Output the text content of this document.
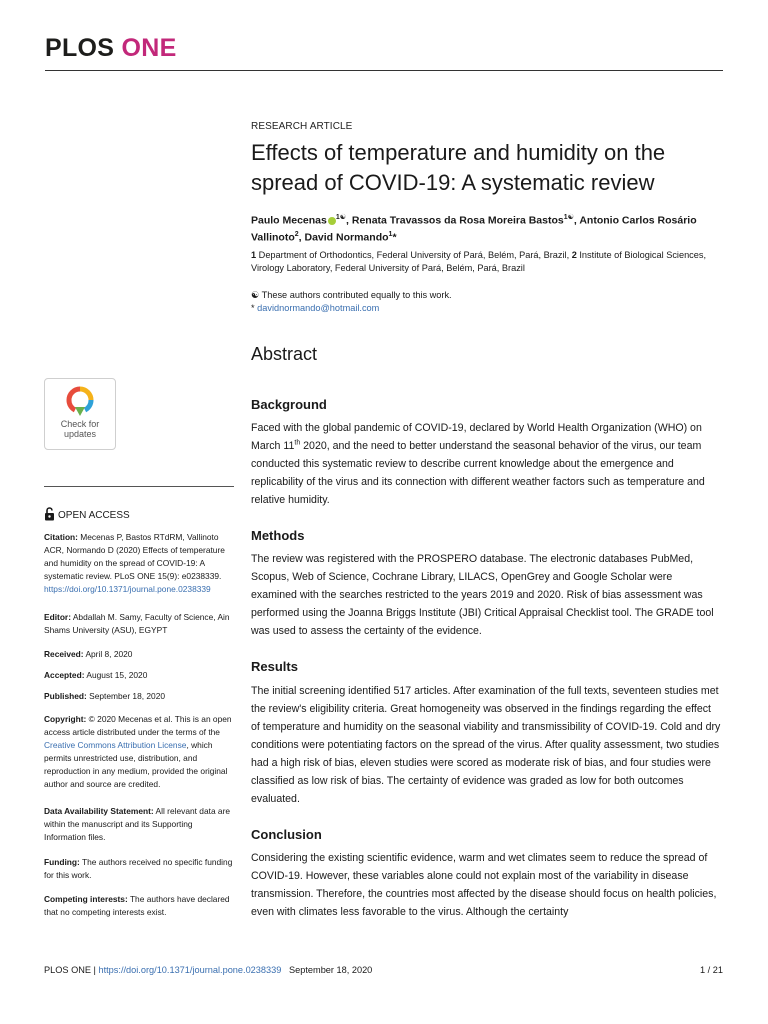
PLOS ONE
RESEARCH ARTICLE
Effects of temperature and humidity on the spread of COVID-19: A systematic review
Paulo Mecenas $^{1☯}$, Renata Travassos da Rosa Moreira Bastos$^{1☯}$, Antonio Carlos Rosário Vallinoto$^2$, David Normando$^1$*
1 Department of Orthodontics, Federal University of Pará, Belém, Pará, Brazil, 2 Institute of Biological Sciences, Virology Laboratory, Federal University of Pará, Belém, Pará, Brazil
☯ These authors contributed equally to this work.
* davidnormando@hotmail.com
Abstract
Background
Faced with the global pandemic of COVID-19, declared by World Health Organization (WHO) on March 11th 2020, and the need to better understand the seasonal behavior of the virus, our team conducted this systematic review to describe current knowledge about the emergence and replicability of the virus and its connection with different weather factors such as temperature and relative humidity.
Methods
The review was registered with the PROSPERO database. The electronic databases PubMed, Scopus, Web of Science, Cochrane Library, LILACS, OpenGrey and Google Scholar were examined with the searches restricted to the years 2019 and 2020. Risk of bias assessment was performed using the Joanna Briggs Institute (JBI) Critical Appraisal Checklist tool. The GRADE tool was used to assess the certainty of the evidence.
Results
The initial screening identified 517 articles. After examination of the full texts, seventeen studies met the review's eligibility criteria. Great homogeneity was observed in the findings regarding the effect of temperature and humidity on the seasonal viability and transmissibility of COVID-19. Cold and dry conditions were potentiating factors on the spread of the virus. After quality assessment, two studies had a high risk of bias, eleven studies were scored as moderate risk of bias, and four studies were classified as low risk of bias. The certainty of evidence was graded as low for both outcomes evaluated.
Conclusion
Considering the existing scientific evidence, warm and wet climates seem to reduce the spread of COVID-19. However, these variables alone could not explain most of the variability in disease transmission. Therefore, the countries most affected by the disease should focus on health policies, even with climates less favorable to the virus. Although the certainty
Check for
updates
OPEN ACCESS
Citation: Mecenas P, Bastos RTdRM, Vallinoto ACR, Normando D (2020) Effects of temperature and humidity on the spread of COVID-19: A systematic review. PLoS ONE 15(9): e0238339.
https://doi.org/10.1371/journal.pone.0238339
Editor: Abdallah M. Samy, Faculty of Science, Ain Shams University (ASU), EGYPT
Received: April 8, 2020
Accepted: August 15, 2020
Published: September 18, 2020
Copyright: © 2020 Mecenas et al. This is an open access article distributed under the terms of the Creative Commons Attribution License, which permits unrestricted use, distribution, and reproduction in any medium, provided the original author and source are credited.
Data Availability Statement: All relevant data are within the manuscript and its Supporting Information files.
Funding: The authors received no specific funding for this work.
Competing interests: The authors have declared that no competing interests exist.
PLOS ONE | https://doi.org/10.1371/journal.pone.0238339 September 18, 2020	1 / 21
